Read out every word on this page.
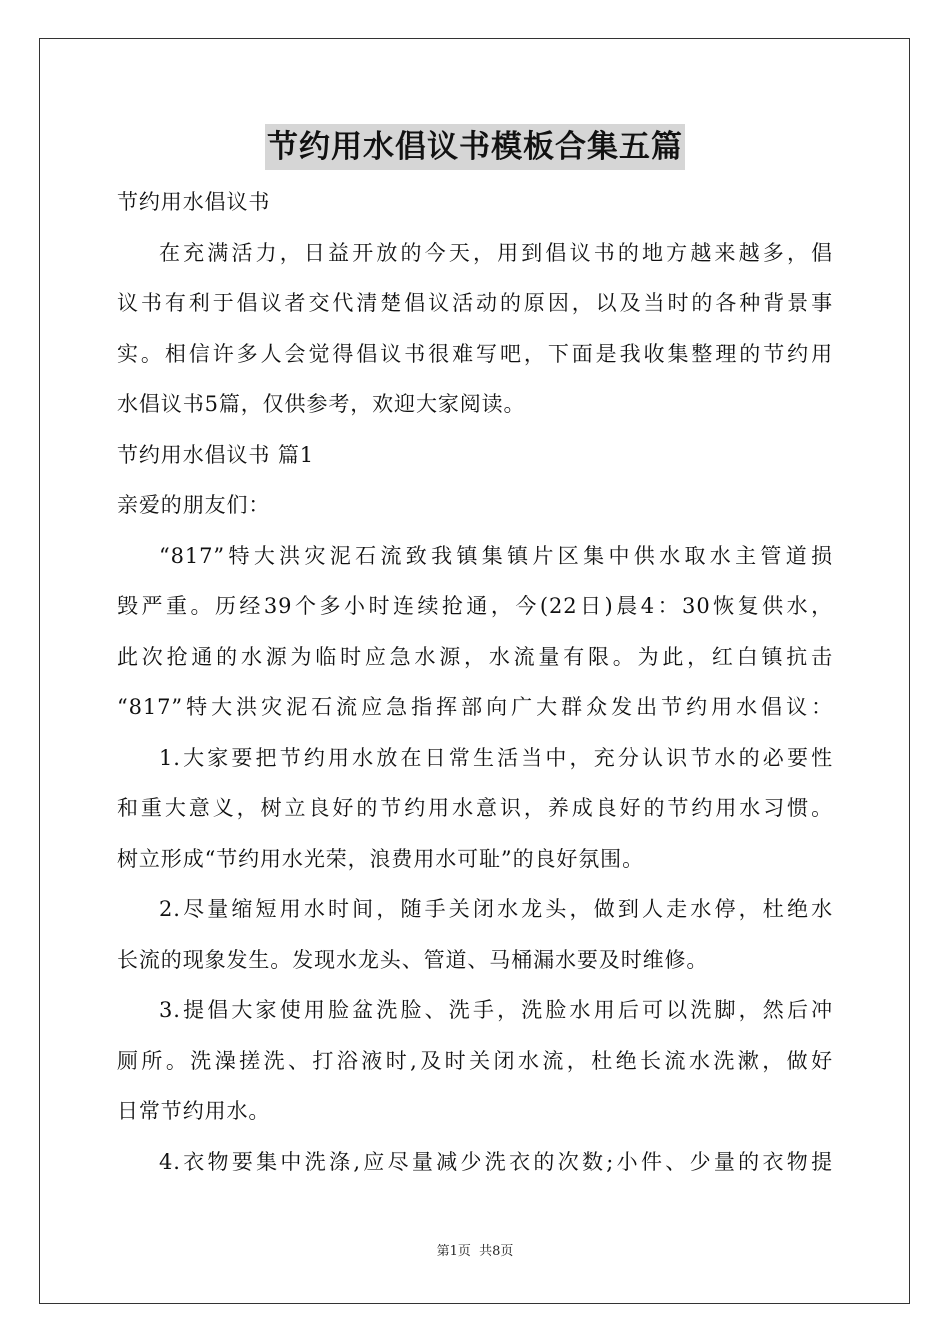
节约用水倡议书模板合集五篇
节约用水倡议书
在充满活力，日益开放的今天，用到倡议书的地方越来越多，倡
议书有利于倡议者交代清楚倡议活动的原因，以及当时的各种背景事
实。相信许多人会觉得倡议书很难写吧，下面是我收集整理的节约用
水倡议书5篇，仅供参考，欢迎大家阅读。
节约用水倡议书 篇1
亲爱的朋友们：
“817”特大洪灾泥石流致我镇集镇片区集中供水取水主管道损
毁严重。历经39个多小时连续抢通，今(22日)晨4：30恢复供水，
此次抢通的水源为临时应急水源，水流量有限。为此，红白镇抗击
“817”特大洪灾泥石流应急指挥部向广大群众发出节约用水倡议：
1.大家要把节约用水放在日常生活当中，充分认识节水的必要性
和重大意义，树立良好的节约用水意识，养成良好的节约用水习惯。
树立形成“节约用水光荣，浪费用水可耻”的良好氛围。
2.尽量缩短用水时间，随手关闭水龙头，做到人走水停，杜绝水
长流的现象发生。发现水龙头、管道、马桶漏水要及时维修。
3.提倡大家使用脸盆洗脸、洗手，洗脸水用后可以洗脚，然后冲
厕所。洗澡搓洗、打浴液时,及时关闭水流，杜绝长流水洗漱，做好
日常节约用水。
4.衣物要集中洗涤,应尽量减少洗衣的次数;小件、少量的衣物提
第1页 共8页
